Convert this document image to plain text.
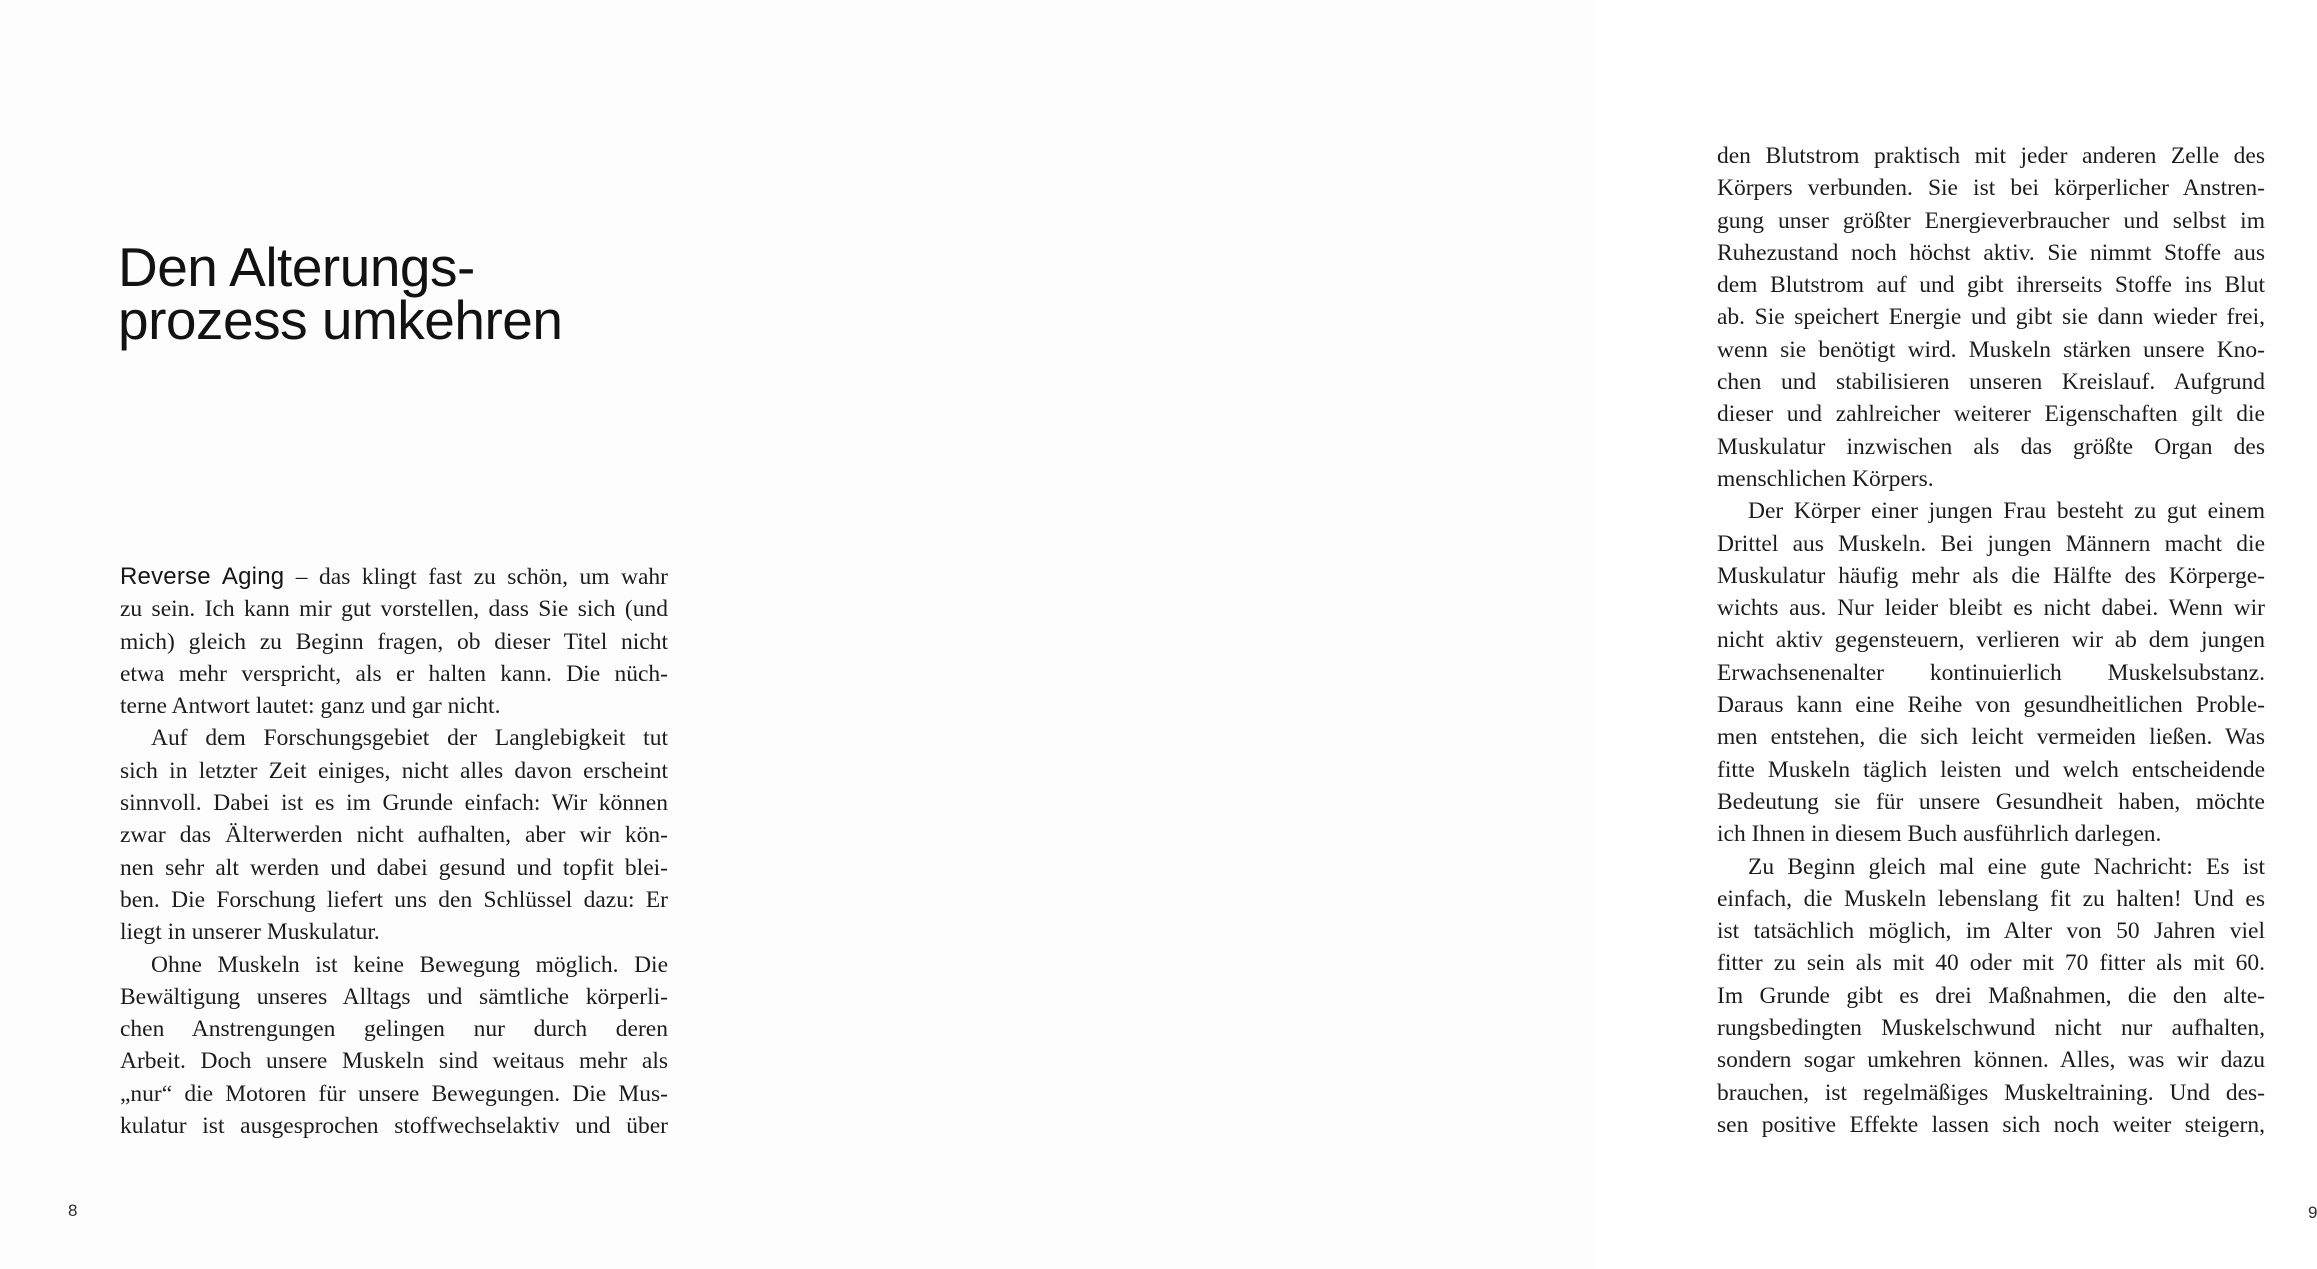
Den Alterungs-
prozess umkehren
Reverse Aging – das klingt fast zu schön, um wahr
zu sein. Ich kann mir gut vorstellen, dass Sie sich (und
mich) gleich zu Beginn fragen, ob dieser Titel nicht
etwa mehr verspricht, als er halten kann. Die nüch-
terne Antwort lautet: ganz und gar nicht.
Auf dem Forschungsgebiet der Langlebigkeit tut
sich in letzter Zeit einiges, nicht alles davon erscheint
sinnvoll. Dabei ist es im Grunde einfach: Wir können
zwar das Älterwerden nicht aufhalten, aber wir kön-
nen sehr alt werden und dabei gesund und topfit blei-
ben. Die Forschung liefert uns den Schlüssel dazu: Er
liegt in unserer Muskulatur.
Ohne Muskeln ist keine Bewegung möglich. Die
Bewältigung unseres Alltags und sämtliche körperli-
chen Anstrengungen gelingen nur durch deren
Arbeit. Doch unsere Muskeln sind weitaus mehr als
„nur“ die Motoren für unsere Bewegungen. Die Mus-
kulatur ist ausgesprochen stoffwechselaktiv und über
8
den Blutstrom praktisch mit jeder anderen Zelle des
Körpers verbunden. Sie ist bei körperlicher Anstren-
gung unser größter Energieverbraucher und selbst im
Ruhezustand noch höchst aktiv. Sie nimmt Stoffe aus
dem Blutstrom auf und gibt ihrerseits Stoffe ins Blut
ab. Sie speichert Energie und gibt sie dann wieder frei,
wenn sie benötigt wird. Muskeln stärken unsere Kno-
chen und stabilisieren unseren Kreislauf. Aufgrund
dieser und zahlreicher weiterer Eigenschaften gilt die
Muskulatur inzwischen als das größte Organ des
menschlichen Körpers.
Der Körper einer jungen Frau besteht zu gut einem
Drittel aus Muskeln. Bei jungen Männern macht die
Muskulatur häufig mehr als die Hälfte des Körperge-
wichts aus. Nur leider bleibt es nicht dabei. Wenn wir
nicht aktiv gegensteuern, verlieren wir ab dem jungen
Erwachsenenalter kontinuierlich Muskelsubstanz.
Daraus kann eine Reihe von gesundheitlichen Proble-
men entstehen, die sich leicht vermeiden ließen. Was
fitte Muskeln täglich leisten und welch entscheidende
Bedeutung sie für unsere Gesundheit haben, möchte
ich Ihnen in diesem Buch ausführlich darlegen.
Zu Beginn gleich mal eine gute Nachricht: Es ist
einfach, die Muskeln lebenslang fit zu halten! Und es
ist tatsächlich möglich, im Alter von 50 Jahren viel
fitter zu sein als mit 40 oder mit 70 fitter als mit 60.
Im Grunde gibt es drei Maßnahmen, die den alte-
rungsbedingten Muskelschwund nicht nur aufhalten,
sondern sogar umkehren können. Alles, was wir dazu
brauchen, ist regelmäßiges Muskeltraining. Und des-
sen positive Effekte lassen sich noch weiter steigern,
9
